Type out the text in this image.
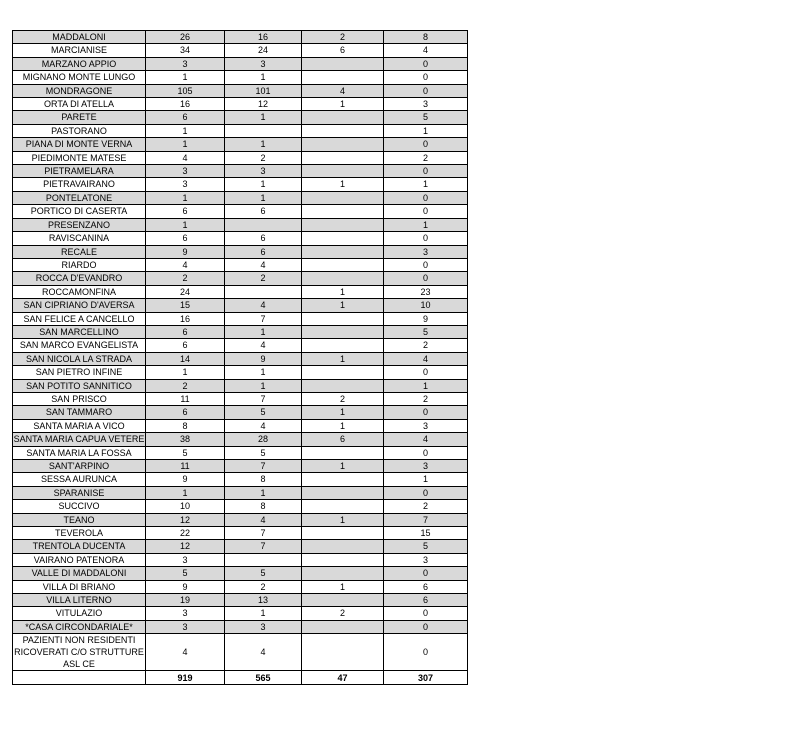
MADDALONI	26	16	2	8
MARCIANISE	34	24	6	4
MARZANO APPIO	3	3		0
MIGNANO MONTE LUNGO	1	1		0
MONDRAGONE	105	101	4	0
ORTA DI ATELLA	16	12	1	3
PARETE	6	1		5
PASTORANO	1			1
PIANA DI MONTE VERNA	1	1		0
PIEDIMONTE MATESE	4	2		2
PIETRAMELARA	3	3		0
PIETRAVAIRANO	3	1	1	1
PONTELATONE	1	1		0
PORTICO DI CASERTA	6	6		0
PRESENZANO	1			1
RAVISCANINA	6	6		0
RECALE	9	6		3
RIARDO	4	4		0
ROCCA D'EVANDRO	2	2		0
ROCCAMONFINA	24		1	23
SAN CIPRIANO D'AVERSA	15	4	1	10
SAN FELICE A CANCELLO	16	7		9
SAN MARCELLINO	6	1		5
SAN MARCO EVANGELISTA	6	4		2
SAN NICOLA LA STRADA	14	9	1	4
SAN PIETRO INFINE	1	1		0
SAN POTITO SANNITICO	2	1		1
SAN PRISCO	11	7	2	2
SAN TAMMARO	6	5	1	0
SANTA MARIA A VICO	8	4	1	3
SANTA MARIA CAPUA VETERE	38	28	6	4
SANTA MARIA LA FOSSA	5	5		0
SANT'ARPINO	11	7	1	3
SESSA AURUNCA	9	8		1
SPARANISE	1	1		0
SUCCIVO	10	8		2
TEANO	12	4	1	7
TEVEROLA	22	7		15
TRENTOLA DUCENTA	12	7		5
VAIRANO PATENORA	3			3
VALLE DI MADDALONI	5	5		0
VILLA DI BRIANO	9	2	1	6
VILLA LITERNO	19	13		6
VITULAZIO	3	1	2	0
*CASA CIRCONDARIALE*	3	3		0
PAZIENTI NON RESIDENTI RICOVERATI C/O STRUTTURE ASL CE	4	4		0
	919	565	47	307
